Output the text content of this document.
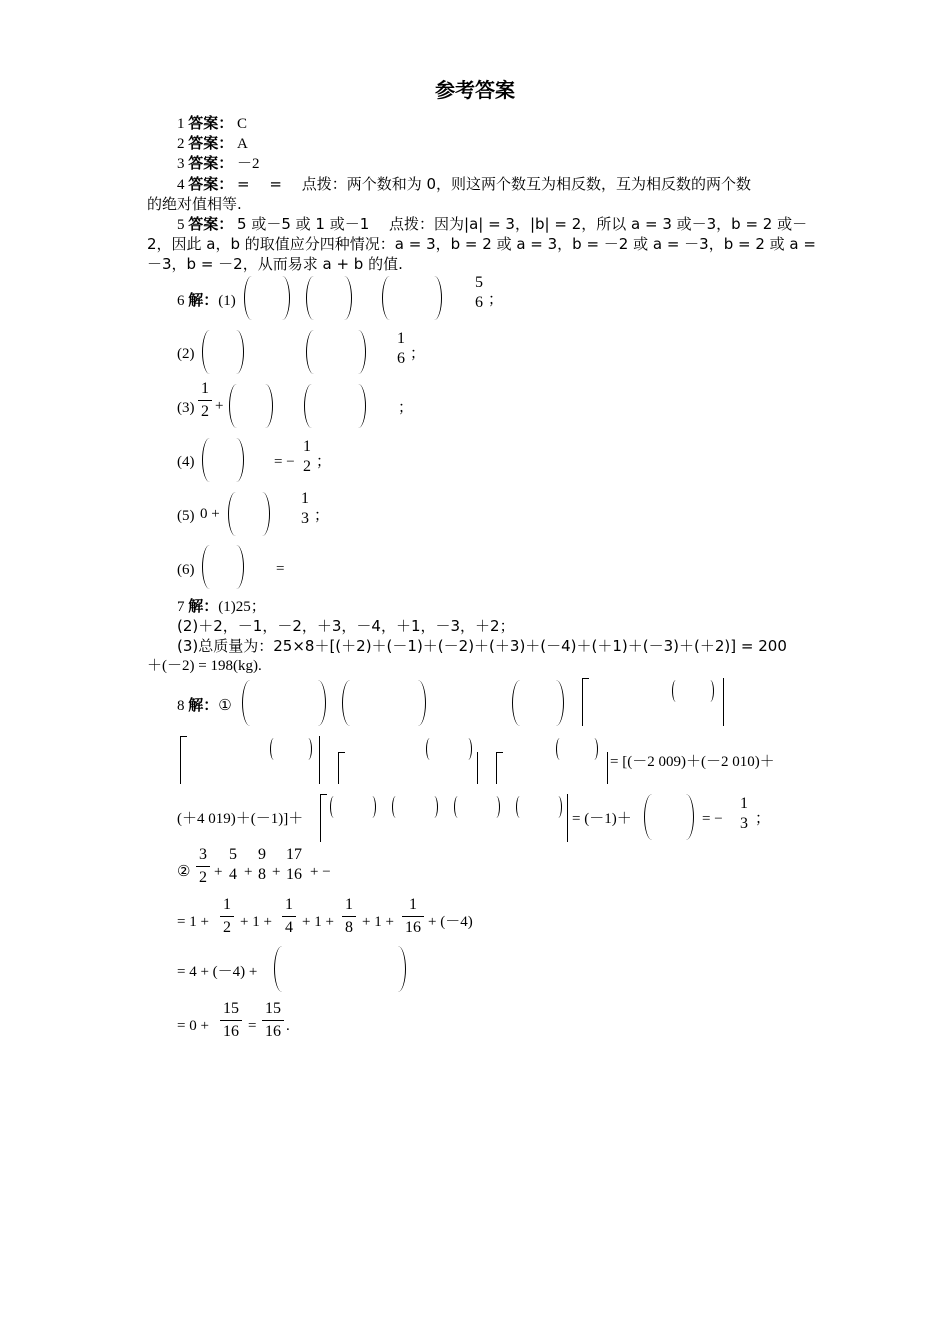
参考答案
1 答案： C
2 答案： A
3 答案： －2
4 答案： =　 =　 点拨：两个数和为 0，则这两个数互为相反数，互为相反数的两个数
的绝对值相等.
5 答案： 5 或－5 或 1 或－1　 点拨：因为|a| = 3，|b| = 2，所以 a = 3 或－3，b = 2 或－
2，因此 a，b 的取值应分四种情况：a = 3，b = 2 或 a = 3，b = －2 或 a = －3，b = 2 或 a =
－3，b = －2，从而易求 a + b 的值.
6 解：(1)
5
6 ；
(2)
1
6 ；
(3)
1
2 +	；
(4)	= −
1
2 ；
(5) 0 +
1
3 ；
(6)	=
7 解：(1)25；
(2)＋2，－1，－2，＋3，－4，＋1，－3，＋2；
(3)总质量为：25×8＋[(＋2)＋(－1)＋(－2)＋(＋3)＋(－4)＋(＋1)＋(－3)＋(＋2)] = 200
＋(－2) = 198(kg).
8 解：①
= [(－2 009)＋(－2 010)＋
(＋4 019)＋(－1)]＋	= (－1)＋	= −
1
3 ；
②
3
2 +
5
4 +
9
8 +
17
16 + −
= 1 +
1
2 + 1 +
1
4 + 1 +
1
8 + 1 +
1
16 + (－4)
= 4 + (－4) +
= 0 +
15
16 =
15
16 .
